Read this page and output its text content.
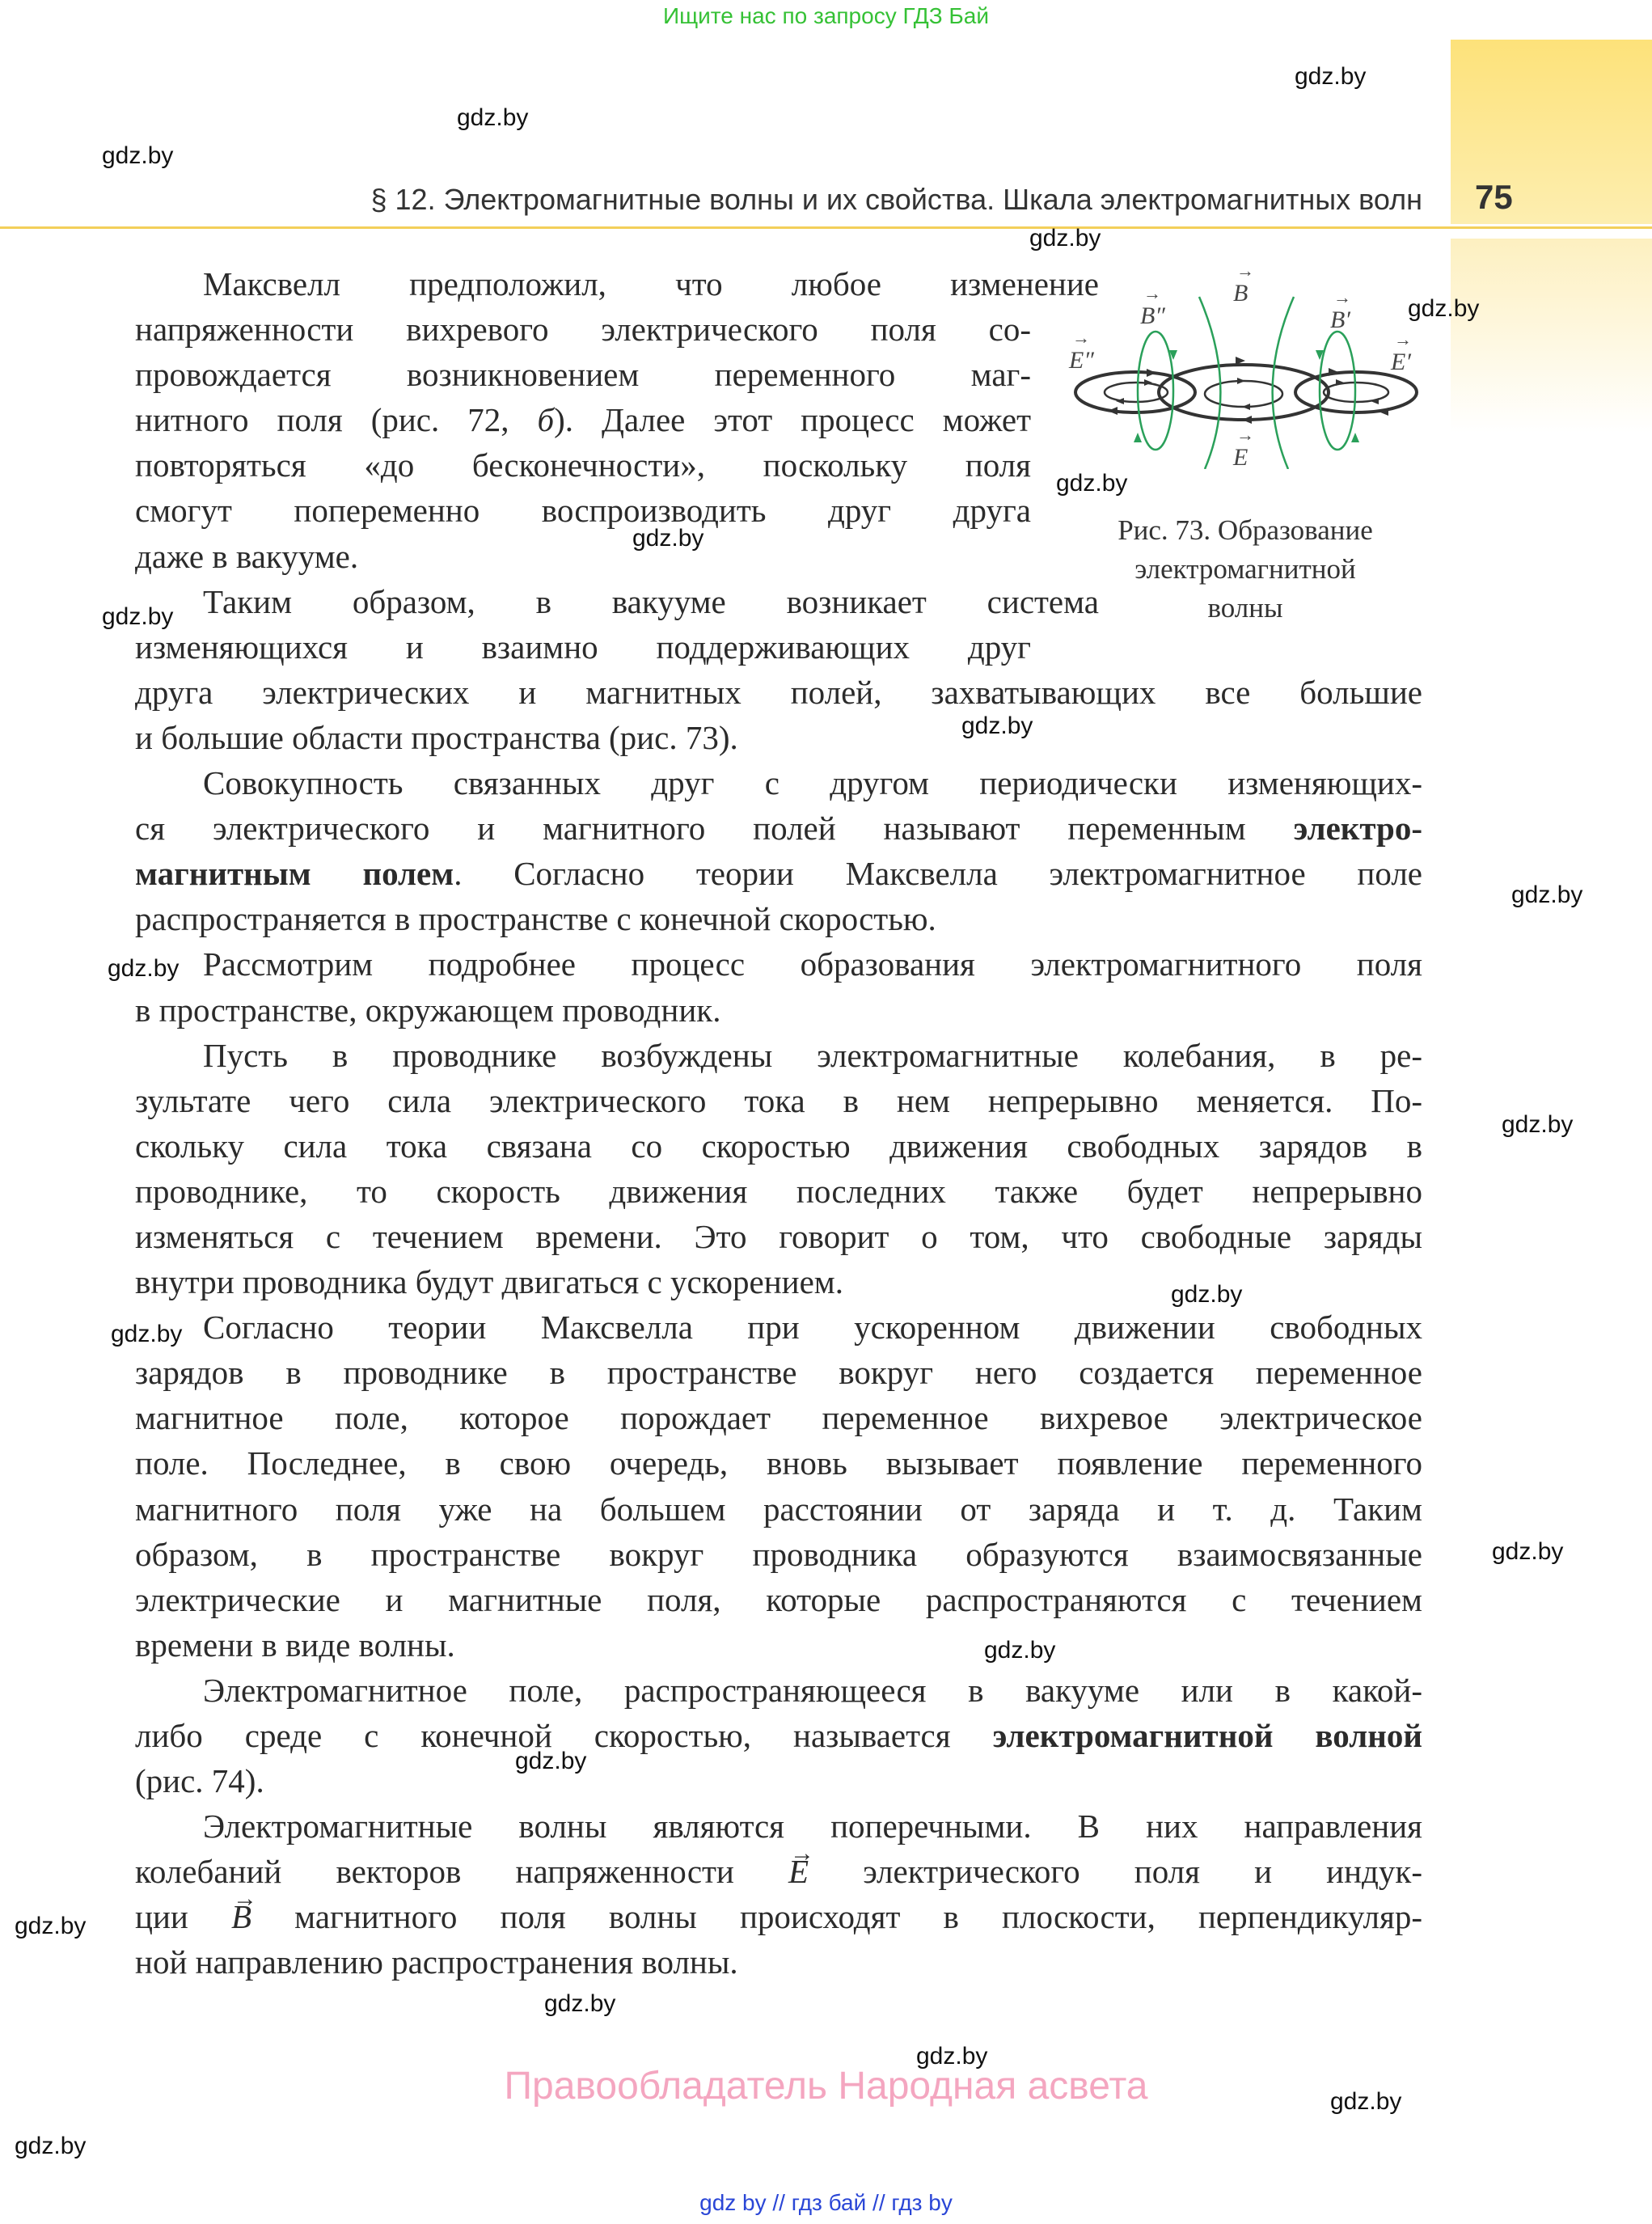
Ищите нас по запросу ГДЗ Бай
§ 12. Электромагнитные волны и их свойства. Шкала электромагнитных волн 75
Максвелл предположил, что любое изменение
напряженности вихревого электрического поля со-
провождается возникновением переменного маг-
нитного поля (рис. 72, б). Далее этот процесс может
повторяться «до бесконечности», поскольку поля
смогут попеременно воспроизводить друг друга
даже в вакууме.
Таким образом, в вакууме возникает система
изменяющихся и взаимно поддерживающих друг
друга электрических и магнитных полей, захватывающих все большие
и большие области пространства (рис. 73).
Совокупность связанных друг с другом периодически изменяющих-
ся электрического и магнитного полей называют переменным электро-
магнитным полем. Согласно теории Максвелла электромагнитное поле
распространяется в пространстве с конечной скоростью.
Рассмотрим подробнее процесс образования электромагнитного поля
в пространстве, окружающем проводник.
Пусть в проводнике возбуждены электромагнитные колебания, в ре-
зультате чего сила электрического тока в нем непрерывно меняется. По-
скольку сила тока связана со скоростью движения свободных зарядов в
проводнике, то скорость движения последних также будет непрерывно
изменяться с течением времени. Это говорит о том, что свободные заряды
внутри проводника будут двигаться с ускорением.
Согласно теории Максвелла при ускоренном движении свободных
зарядов в проводнике в пространстве вокруг него создается переменное
магнитное поле, которое порождает переменное вихревое электрическое
поле. Последнее, в свою очередь, вновь вызывает появление переменного
магнитного поля уже на большем расстоянии от заряда и т. д. Таким
образом, в пространстве вокруг проводника образуются взаимосвязанные
электрические и магнитные поля, которые распространяются с течением
времени в виде волны.
Электромагнитное поле, распространяющееся в вакууме или в какой-
либо среде с конечной скоростью, называется электромагнитной волной
(рис. 74).
Электромагнитные волны являются поперечными. В них направления
колебаний векторов напряженности E → электрического поля и индук-
ции B → магнитного поля волны происходят в плоскости, перпендикуляр-
ной направлению распространения волны.
B
B″	B′
E″	E′
E
→
→	→
→	→
→
Рис. 73. Образование
электромагнитной
волны
gdz.by
gdz.by
gdz.by
gdz.by
gdz.by
gdz.by
gdz.by
gdz.by
gdz.by
gdz.by
gdz.by
gdz.by
gdz.by
gdz.by
gdz.by
gdz.by
gdz.by
gdz.by
gdz.by
gdz.by
gdz.by
gdz.by
Правообладатель Народная асвета
gdz by // гдз бай // гдз by
